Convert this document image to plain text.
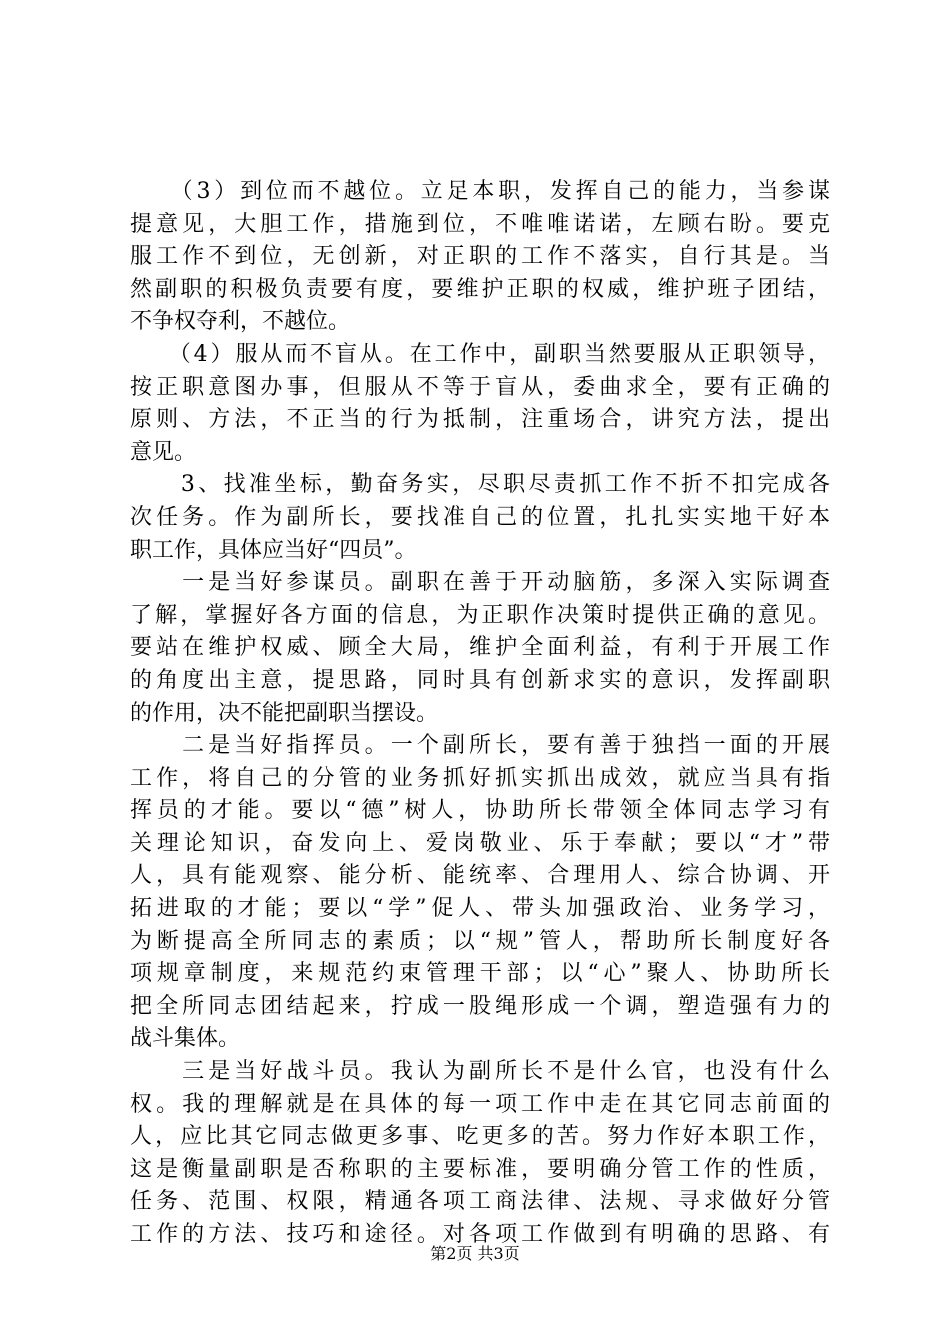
　　（3）到位而不越位。立足本职，发挥自己的能力，当参谋
提意见，大胆工作，措施到位，不唯唯诺诺，左顾右盼。要克
服工作不到位，无创新，对正职的工作不落实，自行其是。当
然副职的积极负责要有度，要维护正职的权威，维护班子团结，
不争权夺利，不越位。
　　（4）服从而不盲从。在工作中，副职当然要服从正职领导，
按正职意图办事，但服从不等于盲从，委曲求全，要有正确的
原则、方法，不正当的行为抵制，注重场合，讲究方法，提出
意见。
　　3、找准坐标，勤奋务实，尽职尽责抓工作不折不扣完成各
次任务。作为副所长，要找准自己的位置，扎扎实实地干好本
职工作，具体应当好“四员”。
　　一是当好参谋员。副职在善于开动脑筋，多深入实际调查
了解，掌握好各方面的信息，为正职作决策时提供正确的意见。
要站在维护权威、顾全大局，维护全面利益，有利于开展工作
的角度出主意，提思路，同时具有创新求实的意识，发挥副职
的作用，决不能把副职当摆设。
　　二是当好指挥员。一个副所长，要有善于独挡一面的开展
工作，将自己的分管的业务抓好抓实抓出成效，就应当具有指
挥员的才能。要以“德”树人，协助所长带领全体同志学习有
关理论知识，奋发向上、爱岗敬业、乐于奉献；要以“才”带
人，具有能观察、能分析、能统率、合理用人、综合协调、开
拓进取的才能；要以“学”促人、带头加强政治、业务学习，
为断提高全所同志的素质；以“规”管人，帮助所长制度好各
项规章制度，来规范约束管理干部；以“心”聚人、协助所长
把全所同志团结起来，拧成一股绳形成一个调，塑造强有力的
战斗集体。
　　三是当好战斗员。我认为副所长不是什么官，也没有什么
权。我的理解就是在具体的每一项工作中走在其它同志前面的
人，应比其它同志做更多事、吃更多的苦。努力作好本职工作，
这是衡量副职是否称职的主要标准，要明确分管工作的性质，
任务、范围、权限，精通各项工商法律、法规、寻求做好分管
工作的方法、技巧和途径。对各项工作做到有明确的思路、有
第2页 共3页
